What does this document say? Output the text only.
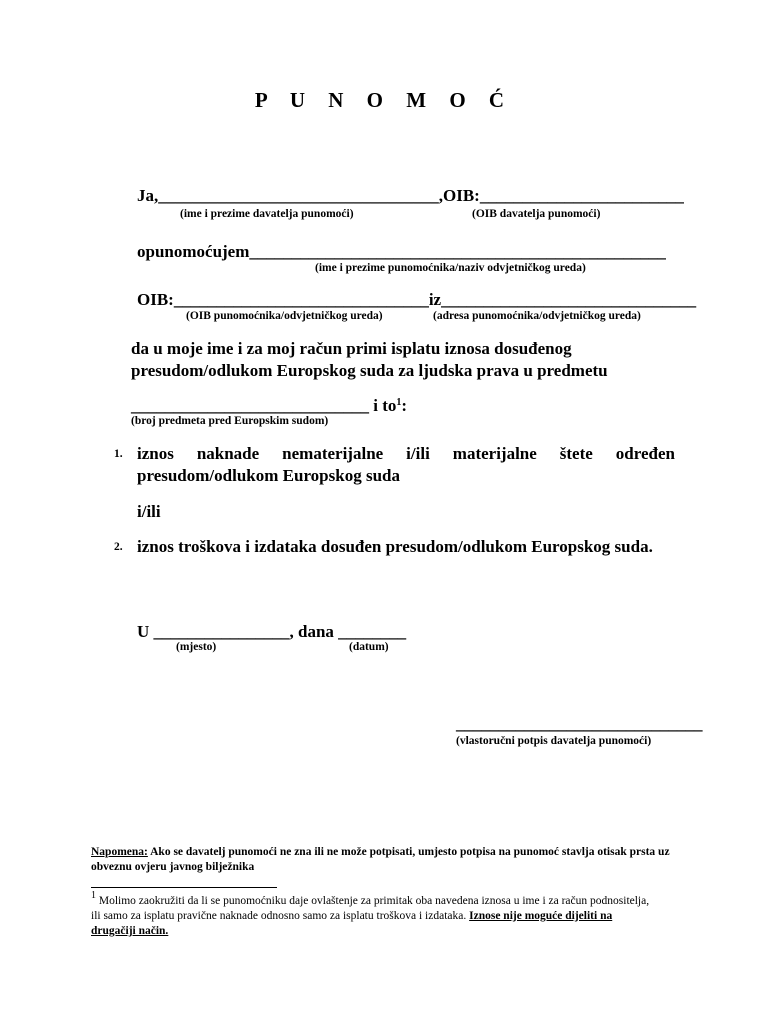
P U N O M O Ć
Ja,_________________________________,OIB:________________________
(ime i prezime davatelja punomoći)	(OIB davatelja punomoći)
opunomoćujem_________________________________________________
(ime i prezime punomoćnika/naziv odvjetničkog ureda)
OIB:______________________________iz______________________________
(OIB punomoćnika/odvjetničkog ureda)	(adresa punomoćnika/odvjetničkog ureda)
da u moje ime i za moj račun primi isplatu iznosa dosuđenog
presudom/odlukom Europskog suda za ljudska prava u predmetu
____________________________ i $to^1$:
(broj predmeta pred Europskim sudom)
1. iznos naknade nematerijalne i/ili materijalne štete određen presudom/odlukom Europskog suda
i/ili
2. iznos troškova i izdataka dosuđen presudom/odlukom Europskog suda.
U ________________, dana ________
(mjesto)	(datum)
_____________________________
(vlastoručni potpis davatelja punomoći)
Napomena: Ako se davatelj punomoći ne zna ili ne može potpisati, umjesto potpisa na punomoć stavlja otisak prsta uz obveznu ovjeru javnog bilježnika
$^1$ Molimo zaokružiti da li se punomoćniku daje ovlaštenje za primitak oba navedena iznosa u ime i za račun podnositelja, ili samo za isplatu pravične naknade odnosno samo za isplatu troškova i izdataka. Iznose nije moguće dijeliti na drugačiji način.
